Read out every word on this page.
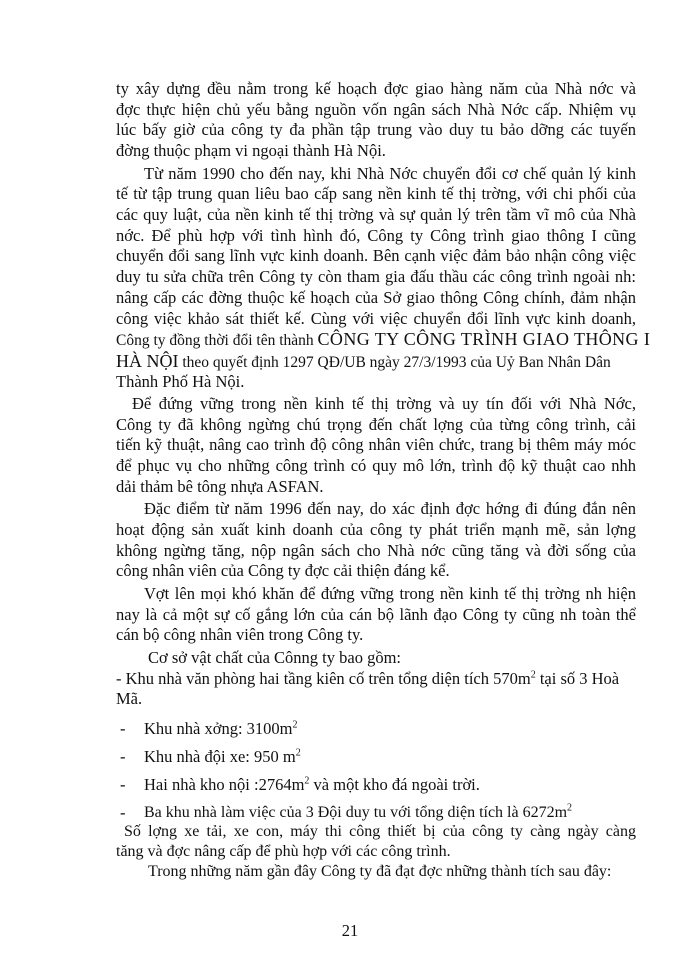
ty xây dựng đều nằm trong kế hoạch đợc giao hàng năm của Nhà nớc và
đợc thực hiện chủ yếu bằng nguồn vốn ngân sách Nhà Nớc cấp. Nhiệm vụ
lúc bấy giờ của công ty đa phần tập trung vào duy tu bảo dỡng các tuyến
đờng thuộc phạm vi ngoại thành Hà Nội.
Từ năm 1990 cho đến nay, khi Nhà Nớc chuyển đổi cơ chế quản lý kinh
tế từ tập trung quan liêu bao cấp sang nền kinh tế thị trờng, với chi phối của
các quy luật, của nền kinh tế thị trờng và sự quản lý trên tầm vĩ mô của Nhà
nớc. Để phù hợp với tình hình đó, Công ty Công trình giao thông I cũng
chuyển đổi sang lĩnh vực kinh doanh. Bên cạnh việc đảm bảo nhận công việc
duy tu sửa chữa trên Công ty còn tham gia đấu thầu các công trình ngoài nh:
nâng cấp các đờng thuộc kế hoạch của Sở giao thông Công chính, đảm nhận
công việc khảo sát thiết kế. Cùng với việc chuyển đổi lĩnh vực kinh doanh,
Công ty đồng thời đổi tên thành CÔNG TY CÔNG TRÌNH GIAO THÔNG I
HÀ NỘI theo quyết định 1297 QĐ/UB ngày 27/3/1993 của Uỷ Ban Nhân Dân
Thành Phố Hà Nội.
Để đứng vững trong nền kinh tế thị trờng và uy tín đối với Nhà Nớc,
Công ty đã không ngừng chú trọng đến chất lợng của từng công trình, cải
tiến kỹ thuật, nâng cao trình độ công nhân viên chức, trang bị thêm máy móc
để phục vụ cho những công trình có quy mô lớn, trình độ kỹ thuật cao nhh
dải thảm bê tông nhựa ASFAN.
Đặc điểm từ năm 1996 đến nay, do xác định đợc hớng đi đúng đắn nên
hoạt động sản xuất kinh doanh của công ty phát triển mạnh mẽ, sản lợng
không ngừng tăng, nộp ngân sách cho Nhà nớc cũng tăng và đời sống của
công nhân viên của Công ty đợc cải thiện đáng kể.
Vợt lên mọi khó khăn để đứng vững trong nền kinh tế thị trờng nh hiện
nay là cả một sự cố gắng lớn của cán bộ lãnh đạo Công ty cũng nh toàn thể
cán bộ công nhân viên trong Công ty.
Cơ sở vật chất của Cônng ty bao gồm:
- Khu nhà văn phòng hai tầng kiên cố trên tổng diện tích $570m^2$ tại số 3 Hoà
Mã.
- Khu nhà xởng: $3100m^2$
- Khu nhà đội xe: 950 $m^2$
- Hai nhà kho nội $:2764m^2$ và một kho đá ngoài trời.
- Ba khu nhà làm việc của 3 Đội duy tu với tổng diện tích là $6272m^2$
Số lợng xe tải, xe con, máy thi công thiết bị của công ty càng ngày càng
tăng và đợc nâng cấp để phù hợp với các công trình.
Trong những năm gần đây Công ty đã đạt đợc những thành tích sau đây:
21
